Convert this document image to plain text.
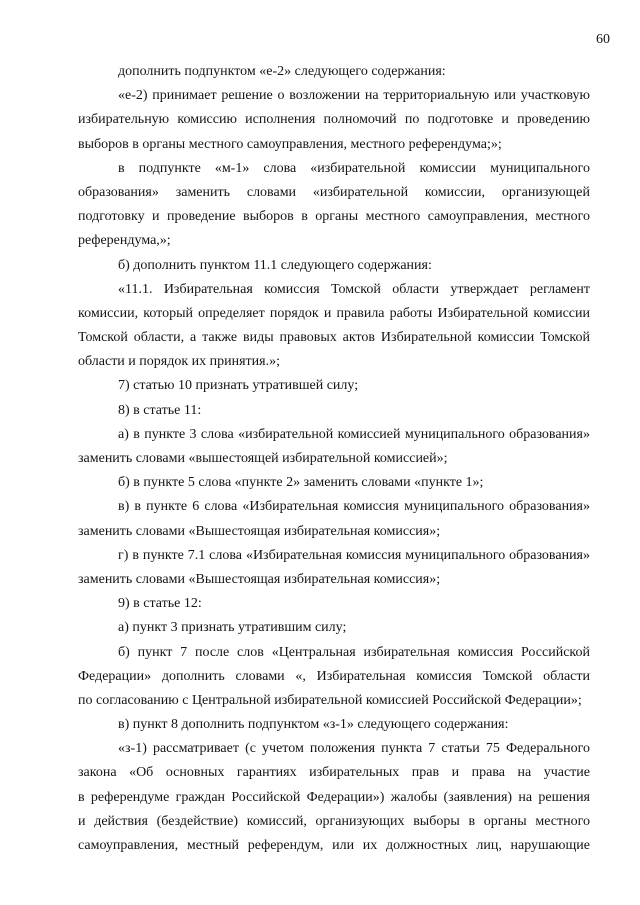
60
дополнить подпунктом «е-2» следующего содержания:
«е-2) принимает решение о возложении на территориальную или участковую
избирательную комиссию исполнения полномочий по подготовке и проведению
выборов в органы местного самоуправления, местного референдума;»;
в подпункте «м-1» слова «избирательной комиссии муниципального
образования» заменить словами «избирательной комиссии, организующей
подготовку и проведение выборов в органы местного самоуправления, местного
референдума,»;
б) дополнить пунктом 11.1 следующего содержания:
«11.1. Избирательная комиссия Томской области утверждает регламент
комиссии, который определяет порядок и правила работы Избирательной комиссии
Томской области, а также виды правовых актов Избирательной комиссии Томской
области и порядок их принятия.»;
7) статью 10 признать утратившей силу;
8) в статье 11:
а) в пункте 3 слова «избирательной комиссией муниципального образования»
заменить словами «вышестоящей избирательной комиссией»;
б) в пункте 5 слова «пункте 2» заменить словами «пункте 1»;
в) в пункте 6 слова «Избирательная комиссия муниципального образования»
заменить словами «Вышестоящая избирательная комиссия»;
г) в пункте 7.1 слова «Избирательная комиссия муниципального образования»
заменить словами «Вышестоящая избирательная комиссия»;
9) в статье 12:
а) пункт 3 признать утратившим силу;
б) пункт 7 после слов «Центральная избирательная комиссия Российской
Федерации» дополнить словами «, Избирательная комиссия Томской области
по согласованию с Центральной избирательной комиссией Российской Федерации»;
в) пункт 8 дополнить подпунктом «з-1» следующего содержания:
«з-1) рассматривает (с учетом положения пункта 7 статьи 75 Федерального
закона «Об основных гарантиях избирательных прав и права на участие
в референдуме граждан Российской Федерации») жалобы (заявления) на решения
и действия (бездействие) комиссий, организующих выборы в органы местного
самоуправления, местный референдум, или их должностных лиц, нарушающие
